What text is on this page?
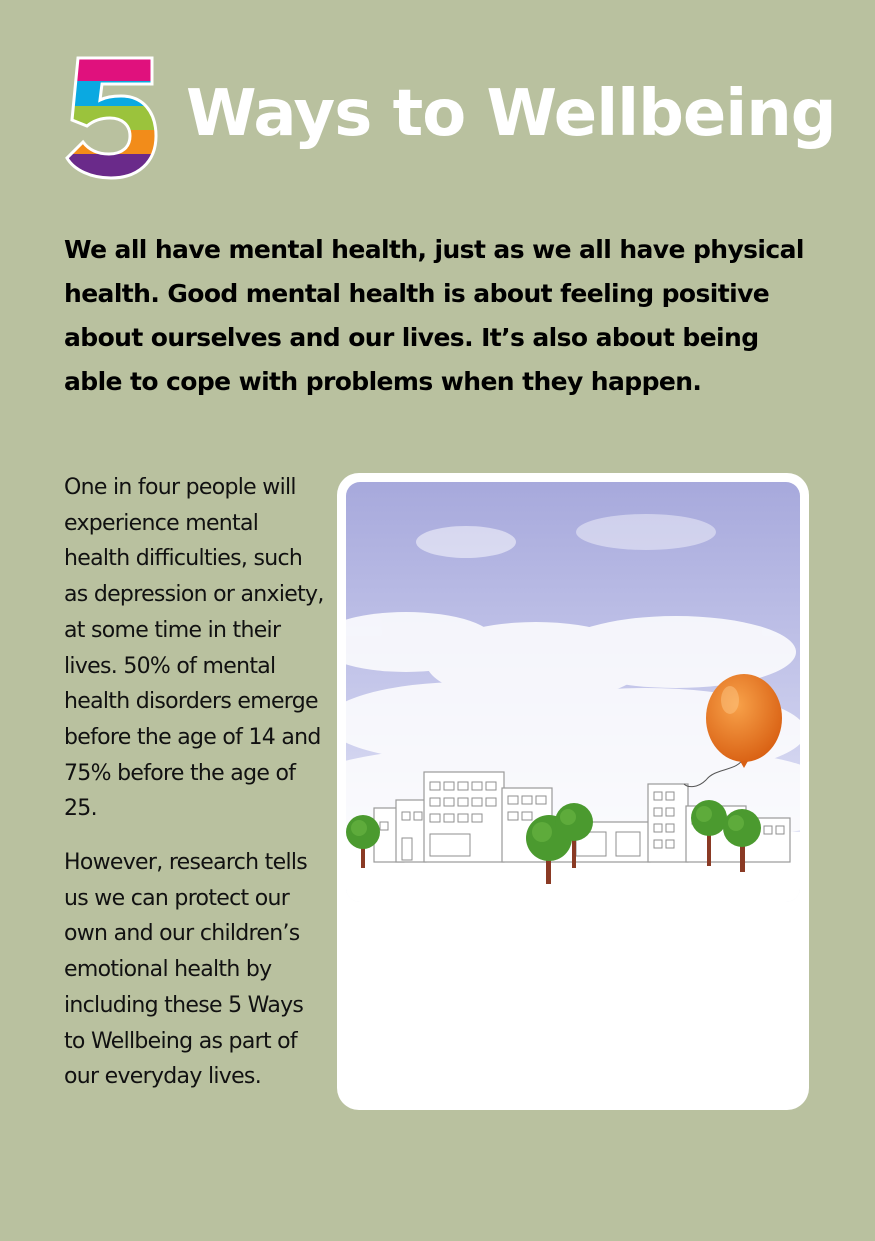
Ways to Wellbeing

We all have mental health, just as we all have physical health. Good mental health is about feeling positive about ourselves and our lives. It’s also about being able to cope with problems when they happen.

One in four people will experience mental health difficulties, such as depression or anxiety, at some time in their lives. 50% of mental health disorders emerge before the age of 14 and 75% before the age of 25.

However, research tells us we can protect our own and our children’s emotional health by including these 5 Ways to Wellbeing as part of our everyday lives.
